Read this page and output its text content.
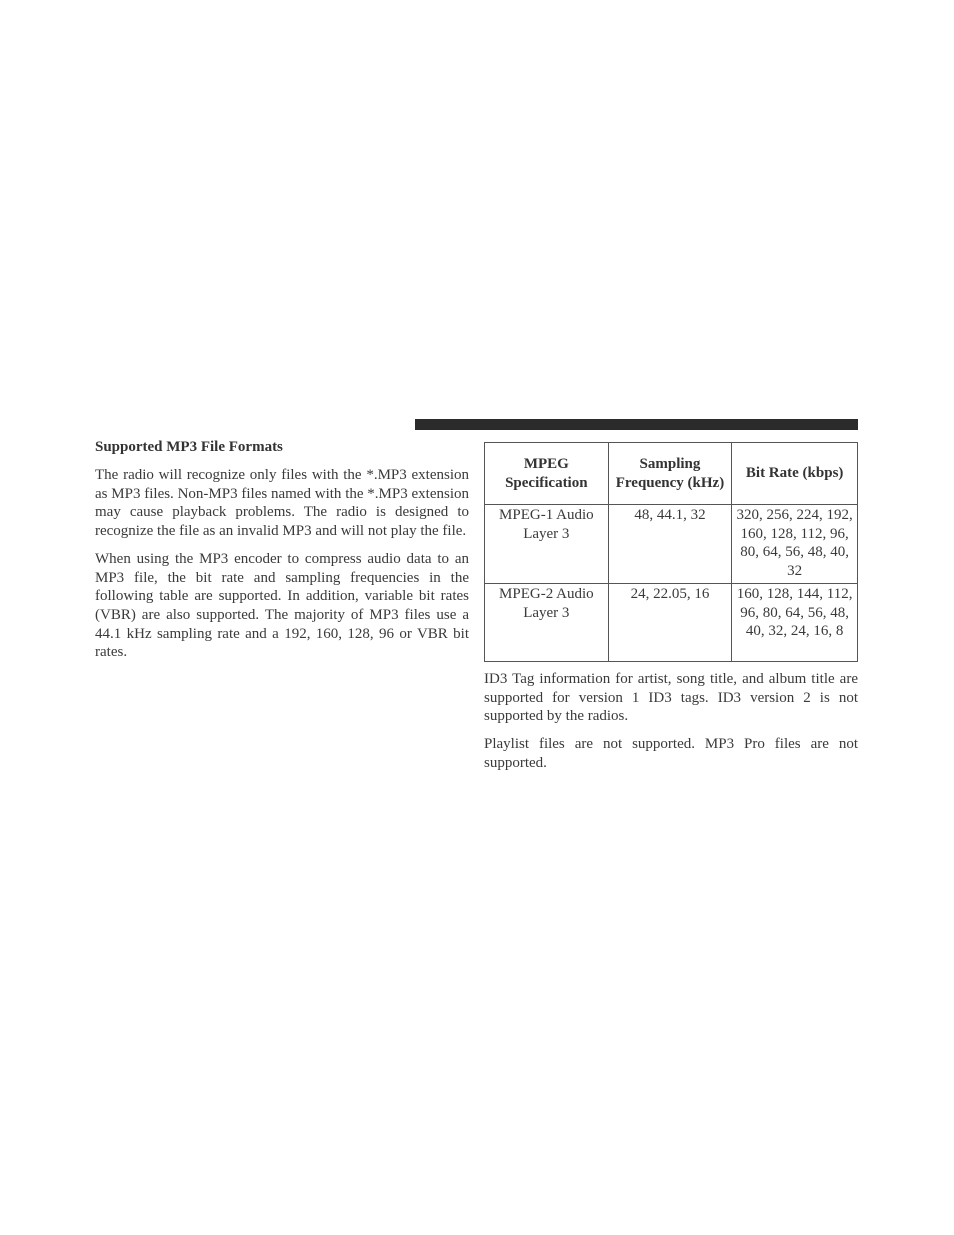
Supported MP3 File Formats

The radio will recognize only files with the *.MP3 extension as MP3 files. Non-MP3 files named with the *.MP3 extension may cause playback problems. The radio is designed to recognize the file as an invalid MP3 and will not play the file.

When using the MP3 encoder to compress audio data to an MP3 file, the bit rate and sampling frequencies in the following table are supported. In addition, variable bit rates (VBR) are also supported. The majority of MP3 files use a 44.1 kHz sampling rate and a 192, 160, 128, 96 or VBR bit rates.

MPEG Specification	Sampling Frequency (kHz)	Bit Rate (kbps)
MPEG-1 Audio Layer 3	48, 44.1, 32	320, 256, 224, 192, 160, 128, 112, 96, 80, 64, 56, 48, 40, 32
MPEG-2 Audio Layer 3	24, 22.05, 16	160, 128, 144, 112, 96, 80, 64, 56, 48, 40, 32, 24, 16, 8

ID3 Tag information for artist, song title, and album title are supported for version 1 ID3 tags. ID3 version 2 is not supported by the radios.

Playlist files are not supported. MP3 Pro files are not supported.
